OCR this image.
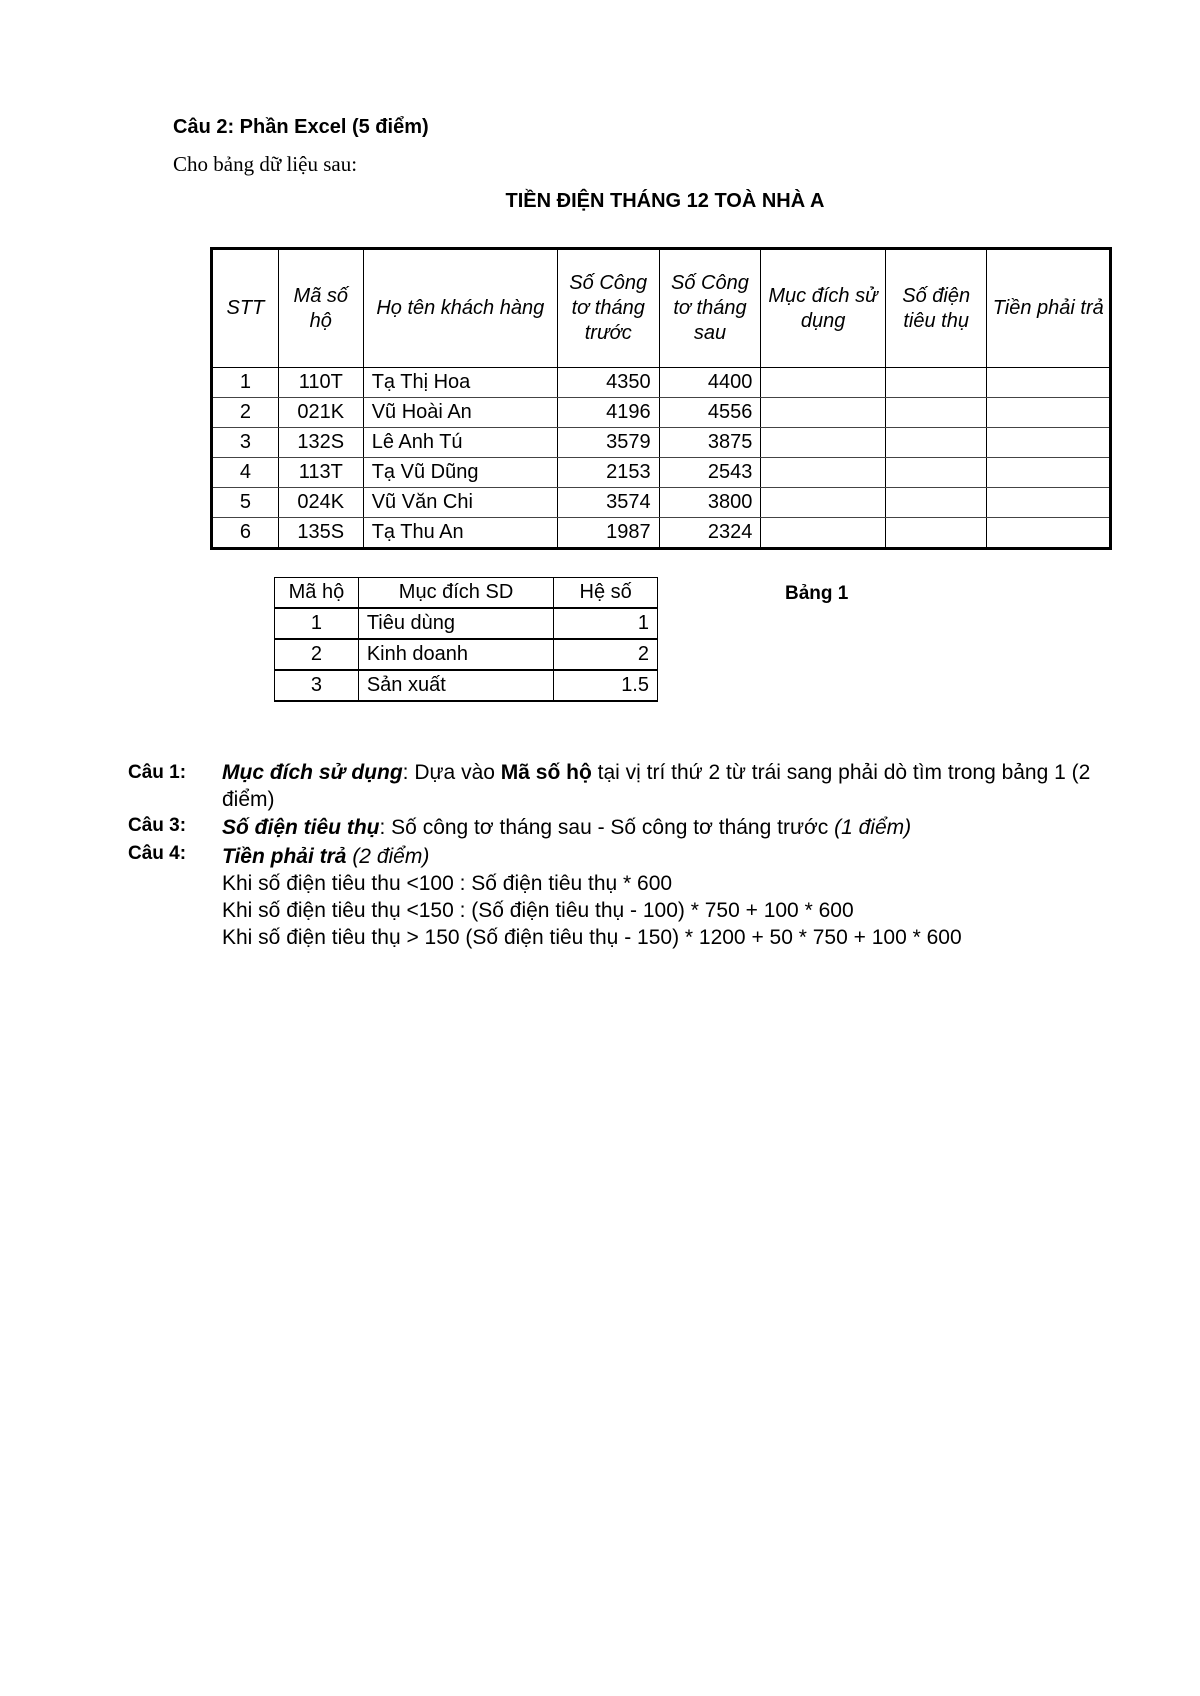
Câu 2: Phần Excel (5 điểm)
Cho bảng dữ liệu sau:
TIỀN ĐIỆN THÁNG 12 TOÀ NHÀ A
STT	Mã số hộ	Họ tên khách hàng	Số Công tơ tháng trước	Số Công tơ tháng sau	Mục đích sử dụng	Số điện tiêu thụ	Tiền phải trả
1	110T	Tạ Thị Hoa	4350	4400			
2	021K	Vũ Hoài An	4196	4556			
3	132S	Lê Anh Tú	3579	3875			
4	113T	Tạ Vũ Dũng	2153	2543			
5	024K	Vũ Văn Chi	3574	3800			
6	135S	Tạ Thu An	1987	2324			
Mã hộ	Mục đích SD	Hệ số
1	Tiêu dùng	1
2	Kinh doanh	2
3	Sản xuất	1.5
Bảng 1
Câu 1: Mục đích sử dụng: Dựa vào Mã số hộ tại vị trí thứ 2 từ trái sang phải dò tìm trong bảng 1 (2 điểm)
Câu 3: Số điện tiêu thụ: Số công tơ tháng sau - Số công tơ tháng trước (1 điểm)
Câu 4: Tiền phải trả (2 điểm)
Khi số điện tiêu thu <100 : Số điện tiêu thụ * 600
Khi số điện tiêu thụ <150 : (Số điện tiêu thụ - 100) * 750 + 100 * 600
Khi số điện tiêu thụ > 150 (Số điện tiêu thụ - 150) * 1200 + 50 * 750 + 100 * 600
